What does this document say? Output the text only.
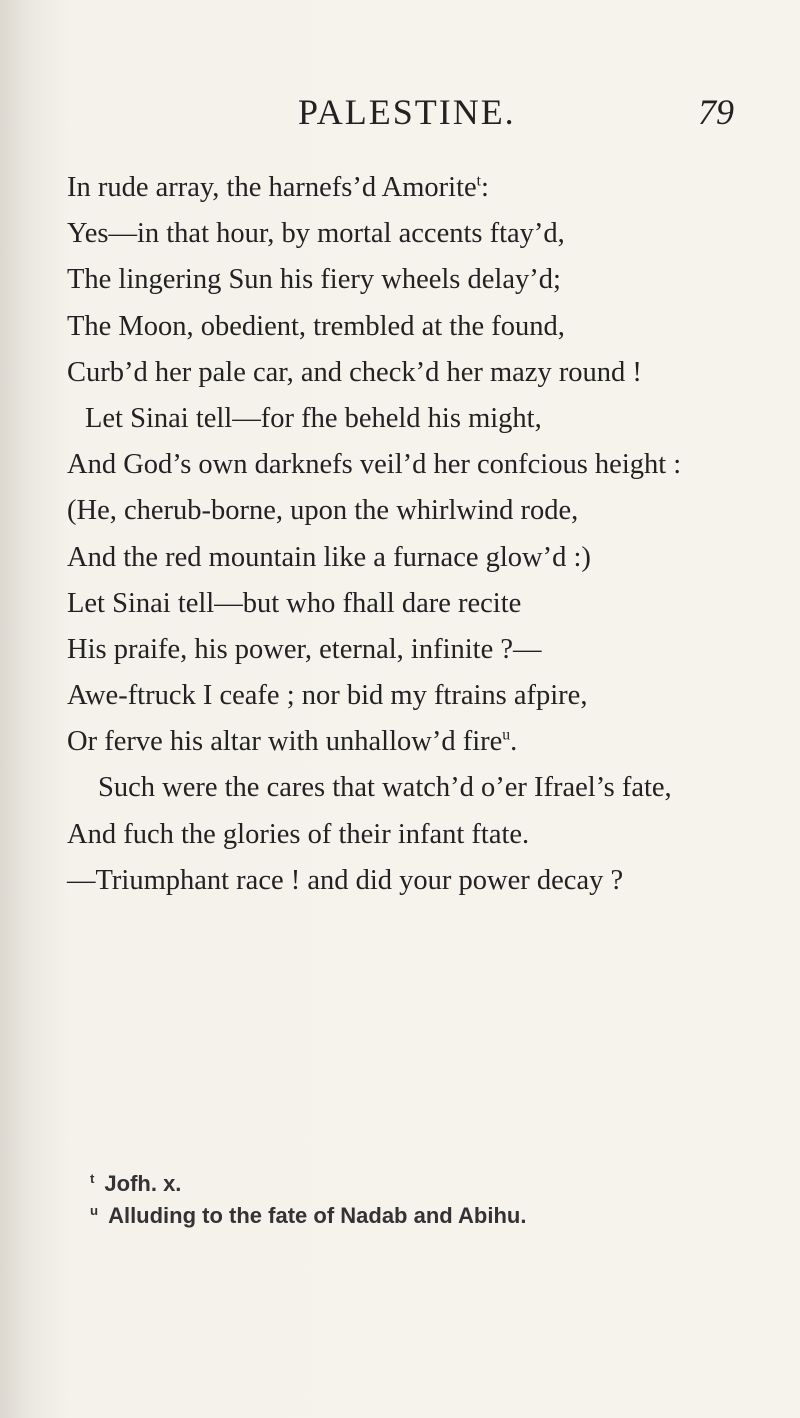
PALESTINE.	79
In rude array, the harnefs’d Amorite$^t$:
Yes—in that hour, by mortal accents ftay’d,
The lingering Sun his fiery wheels delay’d;
The Moon, obedient, trembled at the found,
Curb’d her pale car, and check’d her mazy round !
Let Sinai tell—for fhe beheld his might,
And God’s own darknefs veil’d her confcious height :
(He, cherub-borne, upon the whirlwind rode,
And the red mountain like a furnace glow’d :)
Let Sinai tell—but who fhall dare recite
His praife, his power, eternal, infinite ?—
Awe-ftruck I ceafe ; nor bid my ftrains afpire,
Or ferve his altar with unhallow’d fire$^u$.
Such were the cares that watch’d o’er Ifrael’s fate,
And fuch the glories of their infant ftate.
—Triumphant race ! and did your power decay ?
$^t$ Jofh. x.
$^u$ Alluding to the fate of Nadab and Abihu.
